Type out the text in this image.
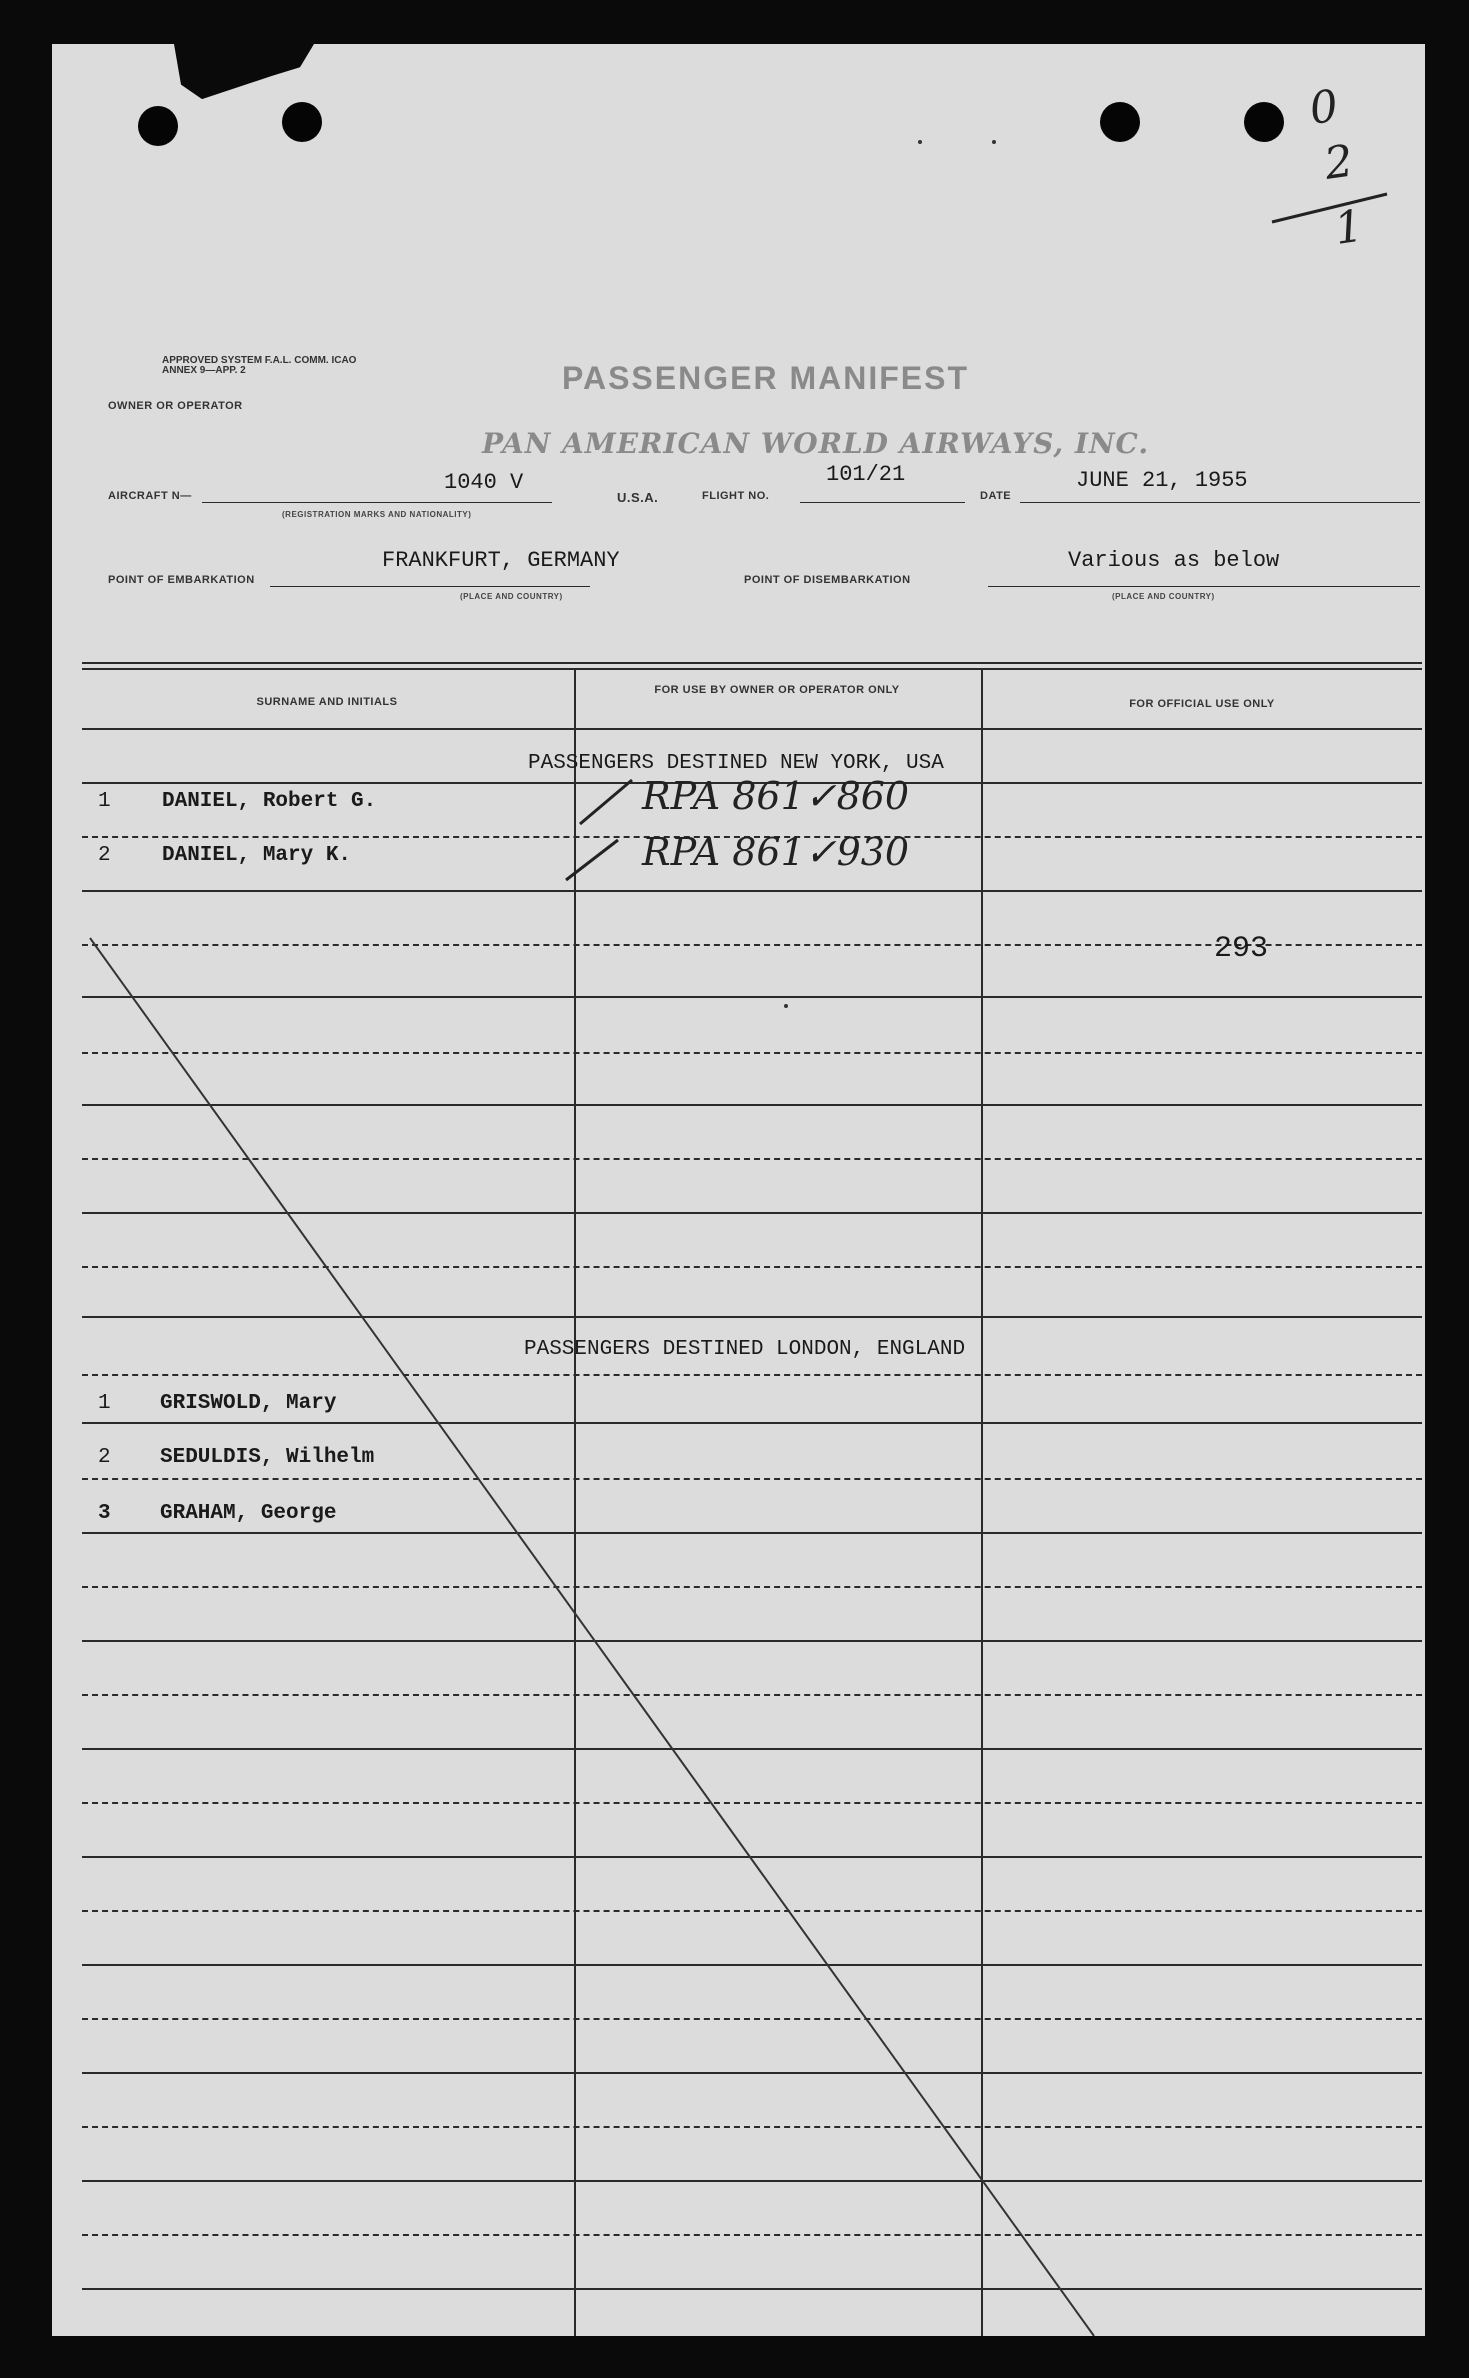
0
2
1
APPROVED SYSTEM F.A.L. COMM. ICAO ANNEX 9—APP. 2	PASSENGER MANIFEST
OWNER OR OPERATOR
PAN AMERICAN WORLD AIRWAYS, INC.
AIRCRAFT N—
1040 V
(REGISTRATION MARKS AND NATIONALITY)
U.S.A.	FLIGHT NO.
101/21
DATE
JUNE 21, 1955
POINT OF EMBARKATION
FRANKFURT, GERMANY
(PLACE AND COUNTRY)
POINT OF DISEMBARKATION
Various as below
(PLACE AND COUNTRY)
SURNAME AND INITIALS
FOR USE BY OWNER OR OPERATOR ONLY
FOR OFFICIAL USE ONLY
PASSENGERS DESTINED NEW YORK, USA
1 DANIEL, Robert G.
2 DANIEL, Mary K.
RPA 861✓860
RPA 861✓930
293
PASSENGERS DESTINED LONDON, ENGLAND
1 GRISWOLD, Mary
2 SEDULDIS, Wilhelm
3 GRAHAM, George
